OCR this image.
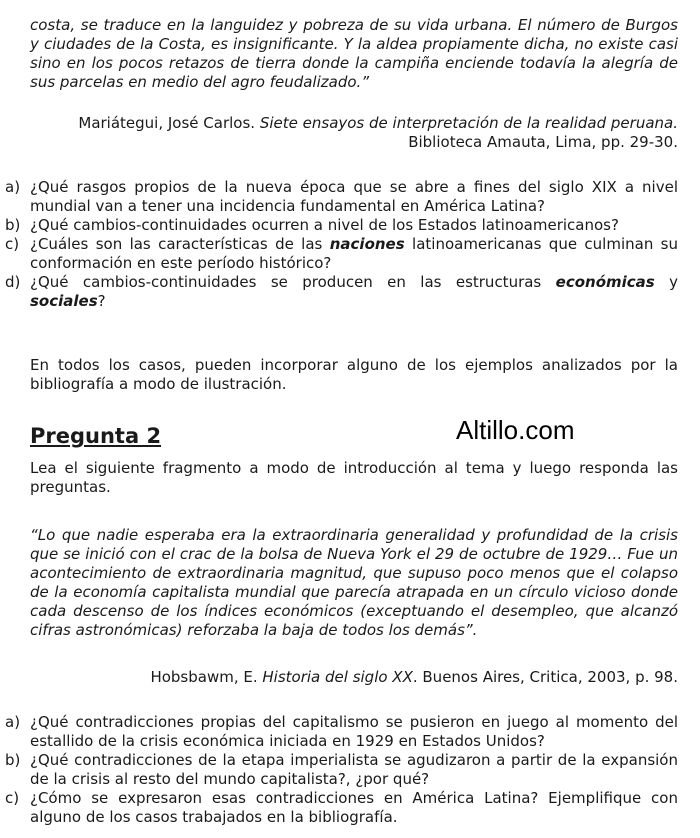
costa, se traduce en la languidez y pobreza de su vida urbana. El número de Burgos y ciudades de la Costa, es insignificante. Y la aldea propiamente dicha, no existe casi sino en los pocos retazos de tierra donde la campiña enciende todavía la alegría de sus parcelas en medio del agro feudalizado.”

Mariátegui, José Carlos. Siete ensayos de interpretación de la realidad peruana.
Biblioteca Amauta, Lima, pp. 29-30.

a) ¿Qué rasgos propios de la nueva época que se abre a fines del siglo XIX a nivel mundial van a tener una incidencia fundamental en América Latina?
b) ¿Qué cambios-continuidades ocurren a nivel de los Estados latinoamericanos?
c) ¿Cuáles son las características de las naciones latinoamericanas que culminan su conformación en este período histórico?
d) ¿Qué cambios-continuidades se producen en las estructuras económicas y sociales?

En todos los casos, pueden incorporar alguno de los ejemplos analizados por la bibliografía a modo de ilustración.

Pregunta 2	Altillo.com

Lea el siguiente fragmento a modo de introducción al tema y luego responda las preguntas.

“Lo que nadie esperaba era la extraordinaria generalidad y profundidad de la crisis que se inició con el crac de la bolsa de Nueva York el 29 de octubre de 1929… Fue un acontecimiento de extraordinaria magnitud, que supuso poco menos que el colapso de la economía capitalista mundial que parecía atrapada en un círculo vicioso donde cada descenso de los índices económicos (exceptuando el desempleo, que alcanzó cifras astronómicas) reforzaba la baja de todos los demás”.

Hobsbawm, E. Historia del siglo XX. Buenos Aires, Critica, 2003, p. 98.

a) ¿Qué contradicciones propias del capitalismo se pusieron en juego al momento del estallido de la crisis económica iniciada en 1929 en Estados Unidos?
b) ¿Qué contradicciones de la etapa imperialista se agudizaron a partir de la expansión de la crisis al resto del mundo capitalista?, ¿por qué?
c) ¿Cómo se expresaron esas contradicciones en América Latina? Ejemplifique con alguno de los casos trabajados en la bibliografía.
